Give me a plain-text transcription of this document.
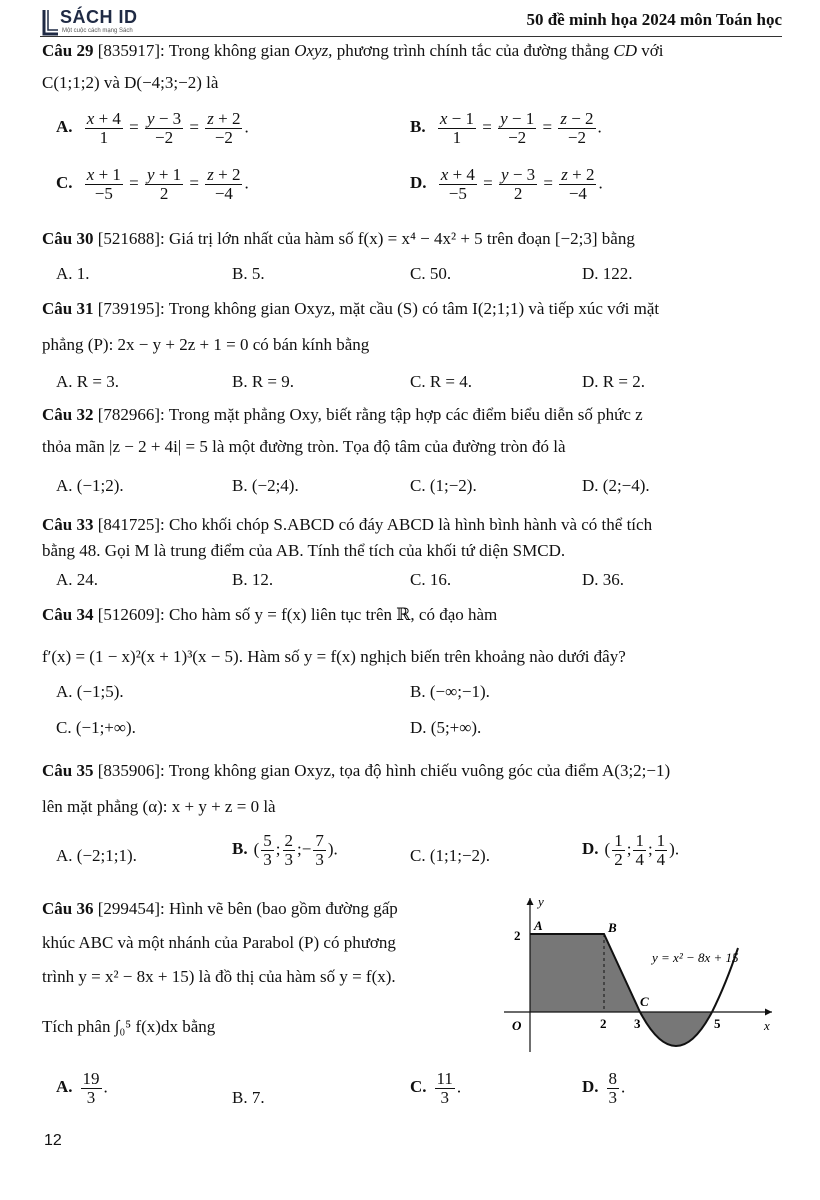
SÁCH ID
Một cuộc cách mạng Sách
50 đề minh họa 2024 môn Toán học
Câu 29 [835917]: Trong không gian Oxyz, phương trình chính tắc của đường thẳng CD với
C(1;1;2) và D(−4;3;−2) là
A. $\frac{x + 4}{1} = \frac{y - 3}{-2} = \frac{z + 2}{-2}$ .	B. $\frac{x - 1}{1} = \frac{y - 1}{-2} = \frac{z - 2}{-2}$ .
C. $\frac{x + 1}{-5} = \frac{y + 1}{2} = \frac{z + 2}{-4}$ .	D. $\frac{x + 4}{-5} = \frac{y - 3}{2} = \frac{z + 2}{-4}$ .
Câu 30 [521688]: Giá trị lớn nhất của hàm số f(x) = x⁴ − 4x² + 5 trên đoạn [−2;3] bằng
A. 1.	B. 5.	C. 50.	D. 122.
Câu 31 [739195]: Trong không gian Oxyz, mặt cầu (S) có tâm I(2;1;1) và tiếp xúc với mặt
phẳng (P): 2x − y + 2z + 1 = 0 có bán kính bằng
A. R = 3.	B. R = 9.	C. R = 4.	D. R = 2.
Câu 32 [782966]: Trong mặt phẳng Oxy, biết rằng tập hợp các điểm biểu diễn số phức z
thỏa mãn |z − 2 + 4i| = 5 là một đường tròn. Tọa độ tâm của đường tròn đó là
A. (−1;2).	B. (−2;4).	C. (1;−2).	D. (2;−4).
Câu 33 [841725]: Cho khối chóp S.ABCD có đáy ABCD là hình bình hành và có thể tích
bằng 48. Gọi M là trung điểm của AB. Tính thể tích của khối tứ diện SMCD.
A. 24.	B. 12.	C. 16.	D. 36.
Câu 34 [512609]: Cho hàm số y = f(x) liên tục trên ℝ, có đạo hàm
f′(x) = (1 − x)²(x + 1)³(x − 5). Hàm số y = f(x) nghịch biến trên khoảng nào dưới đây?
A. (−1;5).	B. (−∞;−1).
C. (−1;+∞).	D. (5;+∞).
Câu 35 [835906]: Trong không gian Oxyz, tọa độ hình chiếu vuông góc của điểm A(3;2;−1)
lên mặt phẳng (α): x + y + z = 0 là
A. (−2;1;1).	B. ( $\frac{5}{3}$ ; $\frac{2}{3}$ ;− $\frac{7}{3}$ ).	C. (1;1;−2).	D. ( $\frac{1}{2}$ ; $\frac{1}{4}$ ; $\frac{1}{4}$ ).
Câu 36 [299454]: Hình vẽ bên (bao gồm đường gấp
khúc ABC và một nhánh của Parabol (P) có phương
trình y = x² − 8x + 15) là đồ thị của hàm số y = f(x).
Tích phân ∫₀⁵ f(x)dx bằng
y
x
O
A	B
C
y = x² − 8x + 15
2
2 3	5
A. $\frac{19}{3}$ .
B. 7.
C. $\frac{11}{3}$ .	D. $\frac{8}{3}$ .
12
